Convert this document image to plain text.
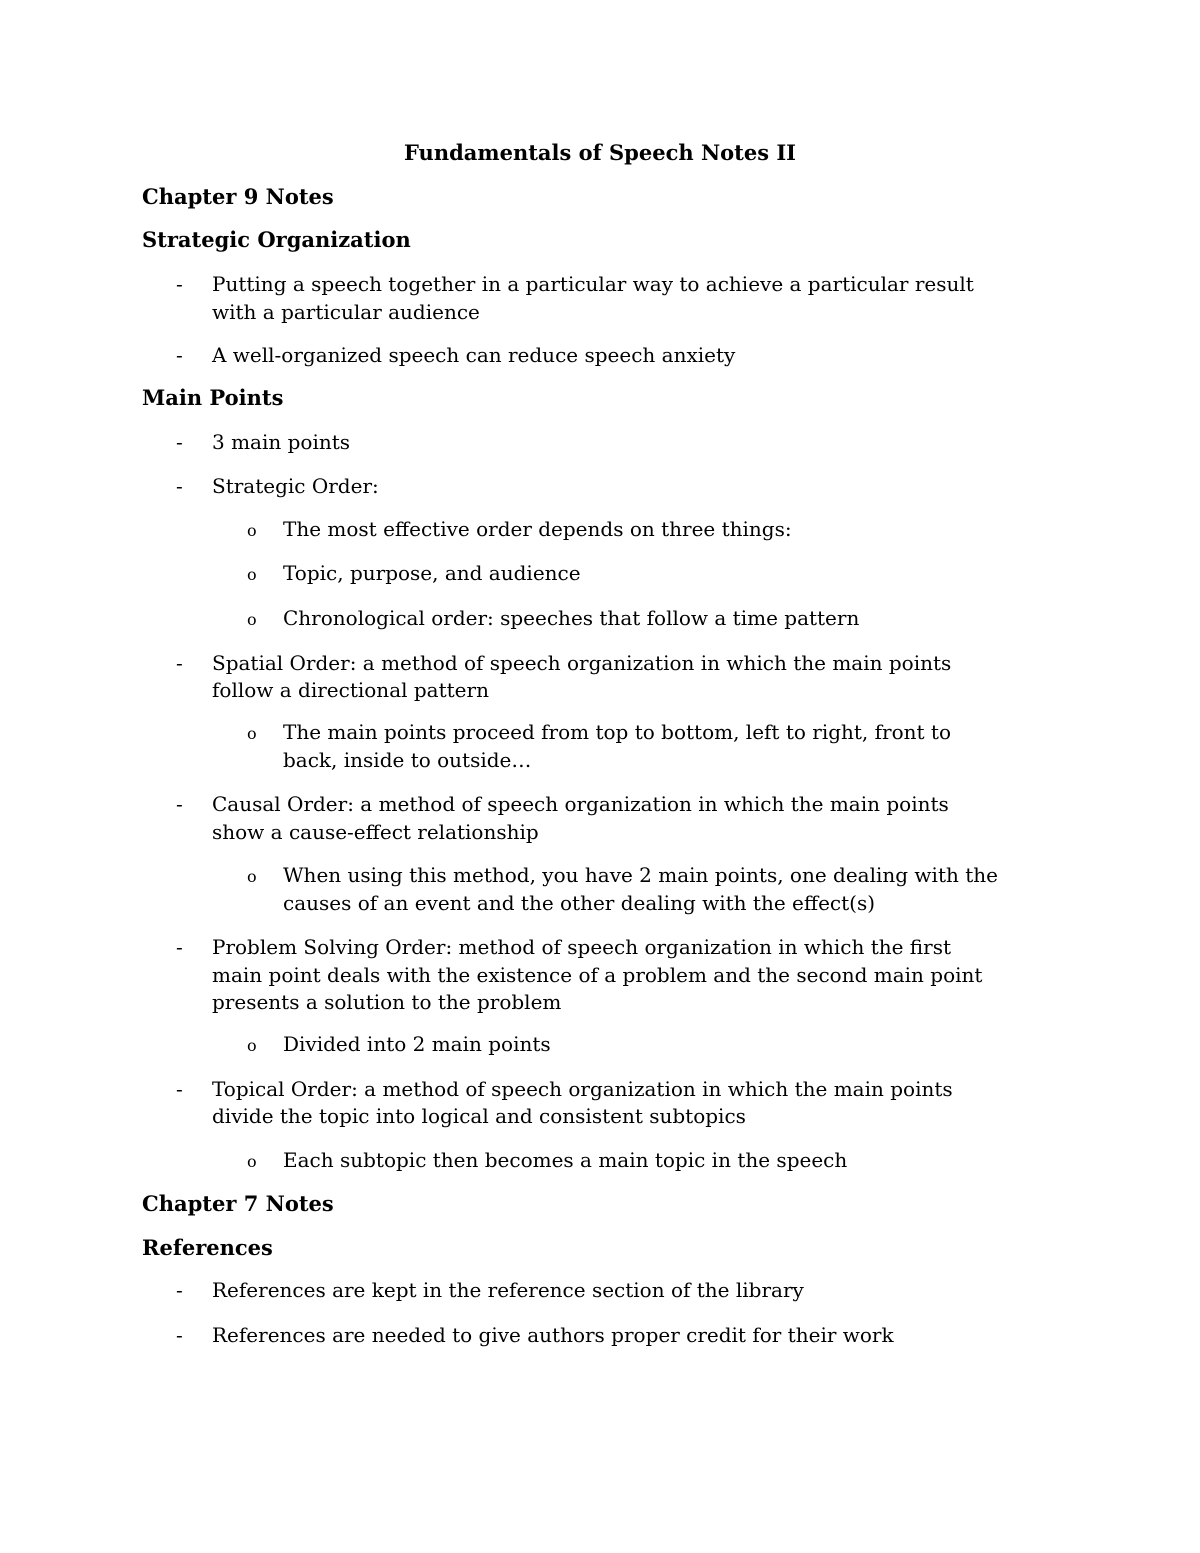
Fundamentals of Speech Notes II
Chapter 9 Notes
Strategic Organization
- Putting a speech together in a particular way to achieve a particular result
with a particular audience
- A well-organized speech can reduce speech anxiety
Main Points
- 3 main points
- Strategic Order:
o The most effective order depends on three things:
o Topic, purpose, and audience
o Chronological order: speeches that follow a time pattern
- Spatial Order: a method of speech organization in which the main points
follow a directional pattern
o The main points proceed from top to bottom, left to right, front to
back, inside to outside…
- Causal Order: a method of speech organization in which the main points
show a cause-effect relationship
o When using this method, you have 2 main points, one dealing with the
causes of an event and the other dealing with the effect(s)
- Problem Solving Order: method of speech organization in which the first
main point deals with the existence of a problem and the second main point
presents a solution to the problem
o Divided into 2 main points
- Topical Order: a method of speech organization in which the main points
divide the topic into logical and consistent subtopics
o Each subtopic then becomes a main topic in the speech
Chapter 7 Notes
References
- References are kept in the reference section of the library
- References are needed to give authors proper credit for their work
